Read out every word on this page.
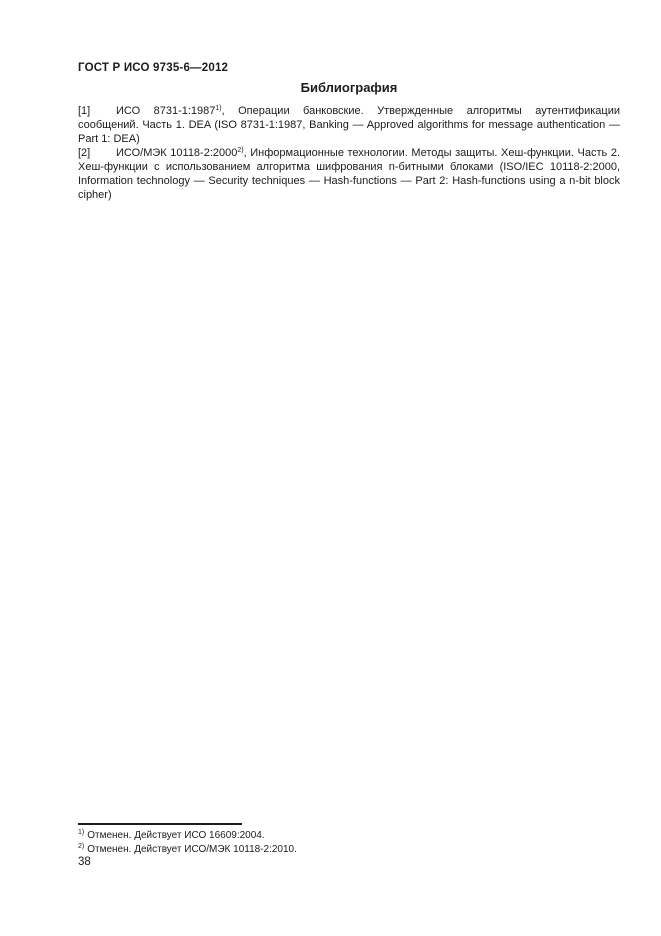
ГОСТ Р ИСО 9735-6—2012
Библиография

[1] ИСО 8731-1:1987$^{1)}$, Операции банковские. Утвержденные алгоритмы аутентификации сообщений. Часть 1. DEA (ISO 8731-1:1987, Banking — Approved algorithms for message authentication — Part 1: DEA)

[2] ИСО/МЭК 10118-2:2000$^{2)}$, Информационные технологии. Методы защиты. Хеш-функции. Часть 2. Хеш-функции с использованием алгоритма шифрования n-битными блоками (ISO/IEC 10118-2:2000, Information technology — Security techniques — Hash-functions — Part 2: Hash-functions using a n-bit block cipher)

$^{1)}$ Отменен. Действует ИСО 16609:2004.
$^{2)}$ Отменен. Действует ИСО/МЭК 10118-2:2010.
38
